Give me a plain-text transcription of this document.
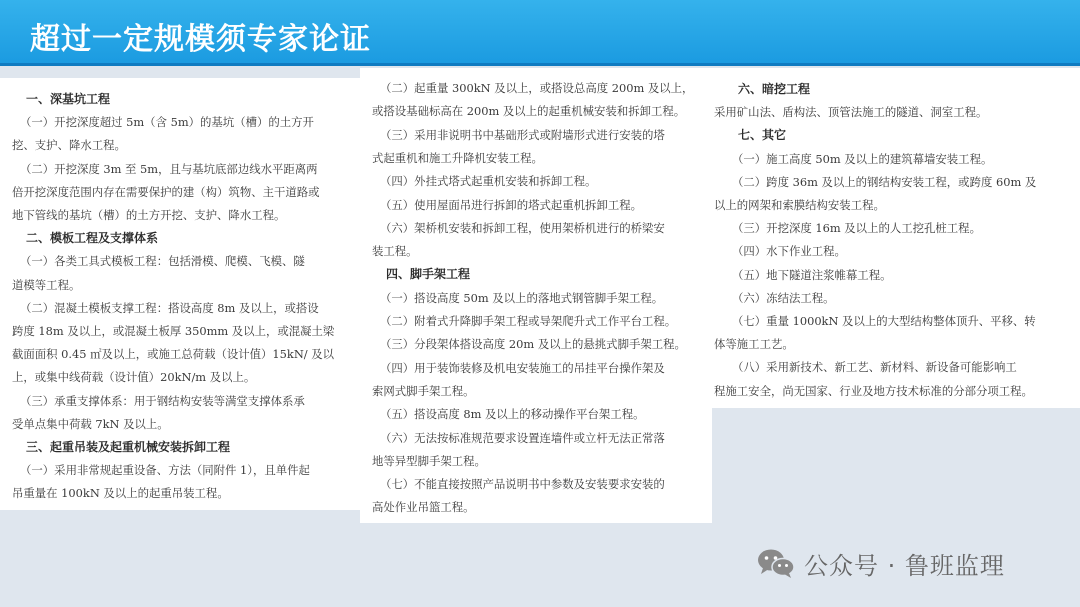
超过一定规模须专家论证
一、深基坑工程
（一）开挖深度超过 5m（含 5m）的基坑（槽）的土方开
挖、支护、降水工程。
（二）开挖深度 3m 至 5m，且与基坑底部边线水平距离两
倍开挖深度范围内存在需要保护的建（构）筑物、主干道路或
地下管线的基坑（槽）的土方开挖、支护、降水工程。
二、模板工程及支撑体系
（一）各类工具式模板工程：包括滑模、爬模、飞模、隧
道模等工程。
（二）混凝土模板支撑工程：搭设高度 8m 及以上，或搭设
跨度 18m 及以上，或混凝土板厚 350mm 及以上，或混凝土梁
截面面积 0.45 ㎡及以上，或施工总荷载（设计值）15kN/ 及以
上，或集中线荷载（设计值）20kN/m 及以上。
（三）承重支撑体系：用于钢结构安装等满堂支撑体系承
受单点集中荷载 7kN 及以上。
三、起重吊装及起重机械安装拆卸工程
（一）采用非常规起重设备、方法（同附件 1），且单件起
吊重量在 100kN 及以上的起重吊装工程。
（二）起重量 300kN 及以上，或搭设总高度 200m 及以上，
或搭设基础标高在 200m 及以上的起重机械安装和拆卸工程。
（三）采用非说明书中基础形式或附墙形式进行安装的塔
式起重机和施工升降机安装工程。
（四）外挂式塔式起重机安装和拆卸工程。
（五）使用屋面吊进行拆卸的塔式起重机拆卸工程。
（六）架桥机安装和拆卸工程，使用架桥机进行的桥梁安
装工程。
四、脚手架工程
（一）搭设高度 50m 及以上的落地式钢管脚手架工程。
（二）附着式升降脚手架工程或导架爬升式工作平台工程。
（三）分段架体搭设高度 20m 及以上的悬挑式脚手架工程。
（四）用于装饰装修及机电安装施工的吊挂平台操作架及
索网式脚手架工程。
（五）搭设高度 8m 及以上的移动操作平台架工程。
（六）无法按标准规范要求设置连墙件或立杆无法正常落
地等异型脚手架工程。
（七）不能直接按照产品说明书中参数及安装要求安装的
高处作业吊篮工程。
六、暗挖工程
采用矿山法、盾构法、顶管法施工的隧道、洞室工程。
七、其它
（一）施工高度 50m 及以上的建筑幕墙安装工程。
（二）跨度 36m 及以上的钢结构安装工程，或跨度 60m 及
以上的网架和索膜结构安装工程。
（三）开挖深度 16m 及以上的人工挖孔桩工程。
（四）水下作业工程。
（五）地下隧道注浆帷幕工程。
（六）冻结法工程。
（七）重量 1000kN 及以上的大型结构整体顶升、平移、转
体等施工工艺。
（八）采用新技术、新工艺、新材料、新设备可能影响工
程施工安全，尚无国家、行业及地方技术标准的分部分项工程。
公众号 · 鲁班监理
